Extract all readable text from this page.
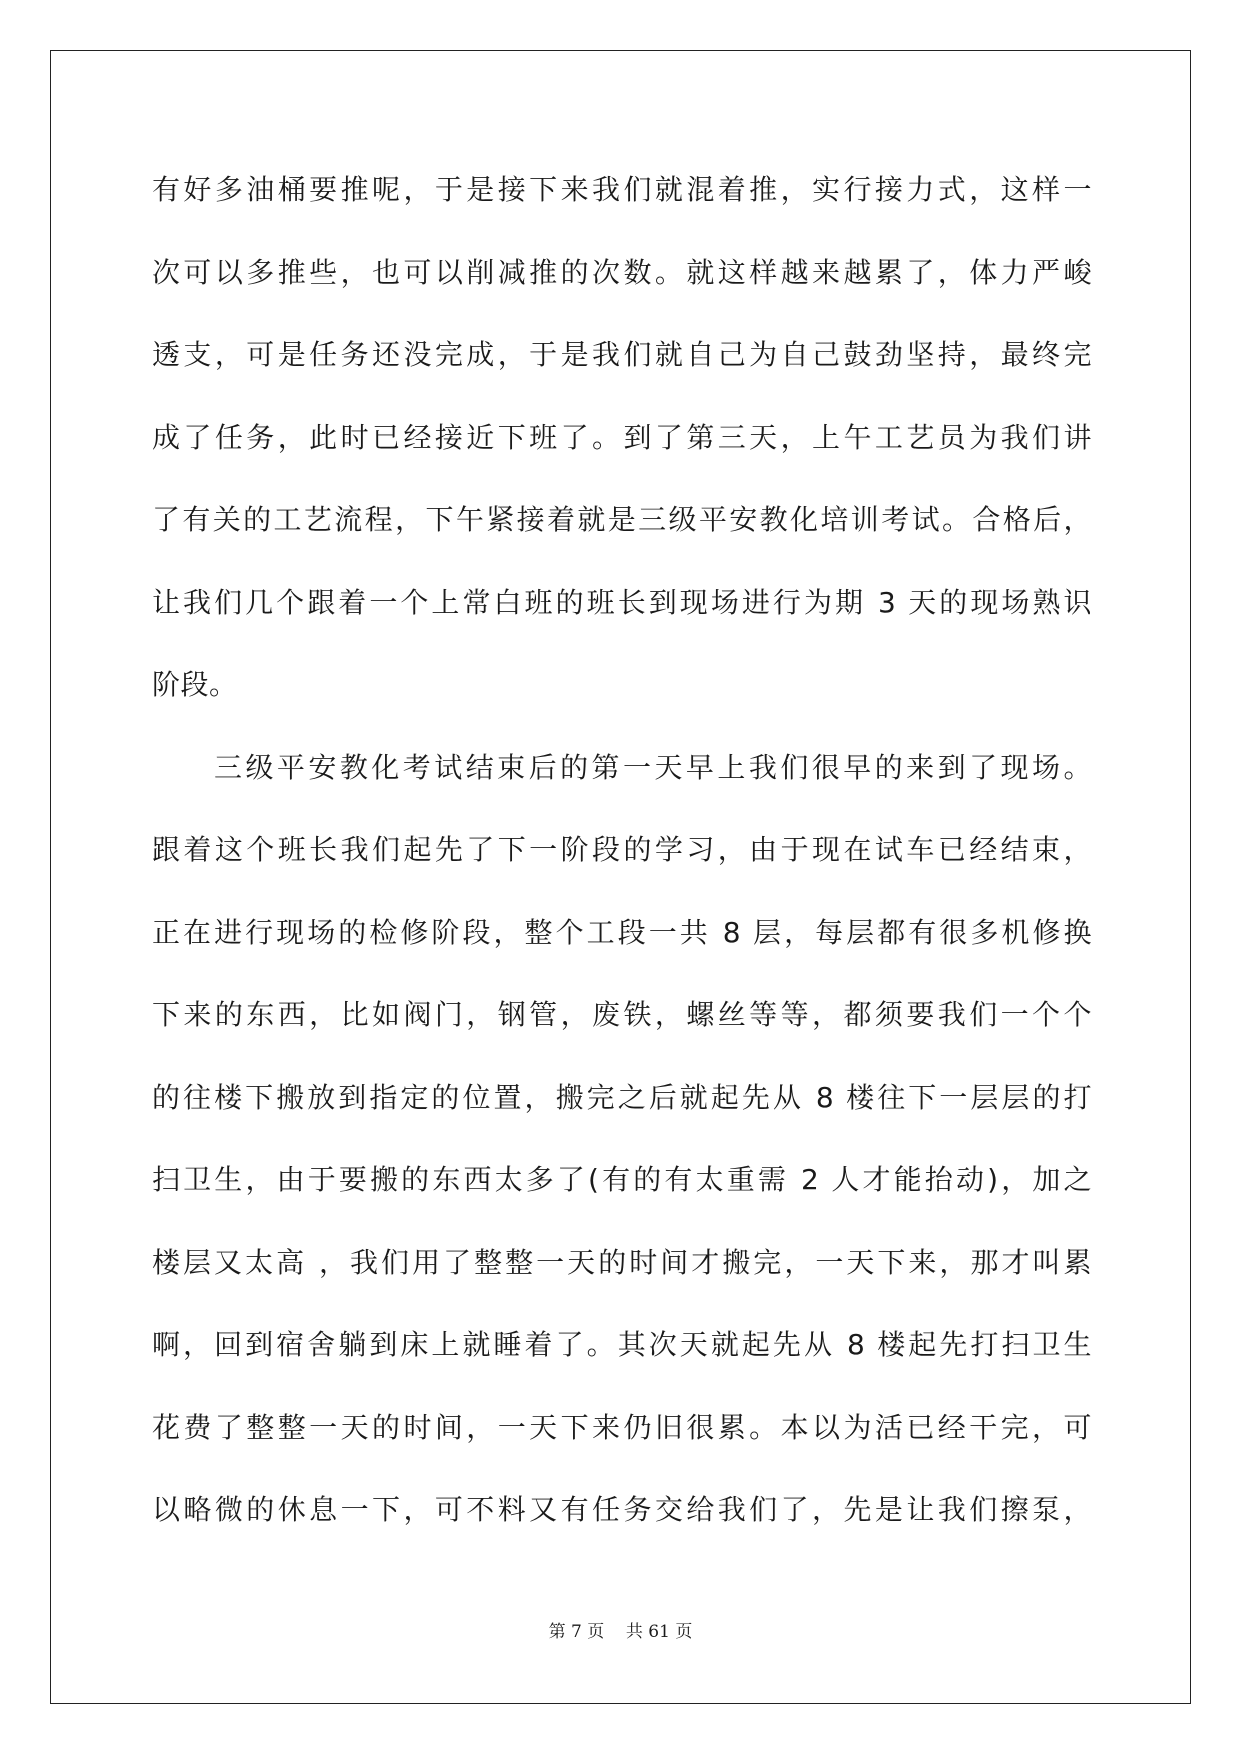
有好多油桶要推呢，于是接下来我们就混着推，实行接力式，这样一
次可以多推些，也可以削减推的次数。就这样越来越累了，体力严峻
透支，可是任务还没完成，于是我们就自己为自己鼓劲坚持，最终完
成了任务，此时已经接近下班了。到了第三天，上午工艺员为我们讲
了有关的工艺流程，下午紧接着就是三级平安教化培训考试。合格后，
让我们几个跟着一个上常白班的班长到现场进行为期 3 天的现场熟识
阶段。
三级平安教化考试结束后的第一天早上我们很早的来到了现场。
跟着这个班长我们起先了下一阶段的学习，由于现在试车已经结束，
正在进行现场的检修阶段，整个工段一共 8 层，每层都有很多机修换
下来的东西，比如阀门，钢管，废铁，螺丝等等，都须要我们一个个
的往楼下搬放到指定的位置，搬完之后就起先从 8 楼往下一层层的打
扫卫生，由于要搬的东西太多了(有的有太重需 2 人才能抬动)，加之
楼层又太高 ，我们用了整整一天的时间才搬完，一天下来，那才叫累
啊，回到宿舍躺到床上就睡着了。其次天就起先从 8 楼起先打扫卫生
花费了整整一天的时间，一天下来仍旧很累。本以为活已经干完，可
以略微的休息一下，可不料又有任务交给我们了，先是让我们擦泵，
第 7 页 共 61 页
